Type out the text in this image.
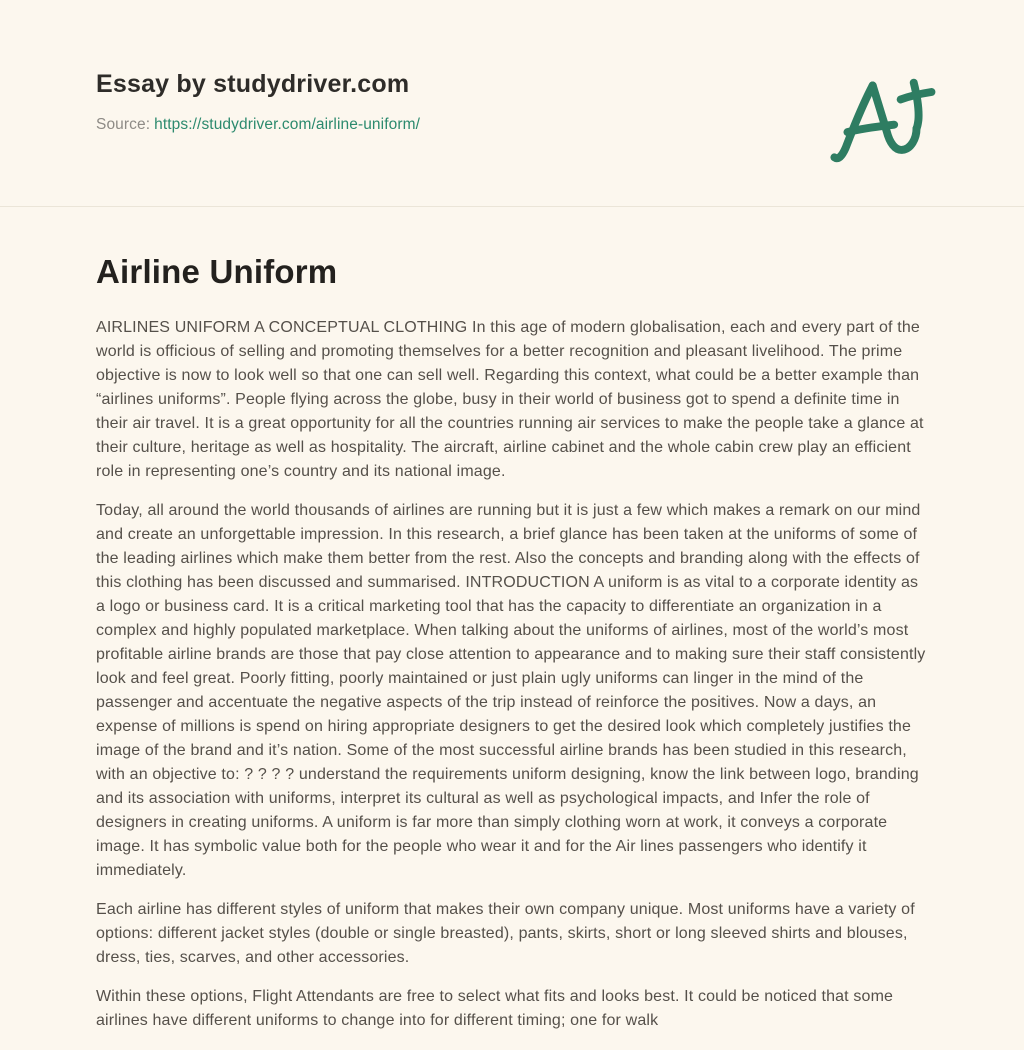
Essay by studydriver.com
Source: https://studydriver.com/airline-uniform/
Airline Uniform

AIRLINES UNIFORM A CONCEPTUAL CLOTHING In this age of modern globalisation, each and every part of the world is officious of selling and promoting themselves for a better recognition and pleasant livelihood. The prime objective is now to look well so that one can sell well. Regarding this context, what could be a better example than “airlines uniforms”. People flying across the globe, busy in their world of business got to spend a definite time in their air travel. It is a great opportunity for all the countries running air services to make the people take a glance at their culture, heritage as well as hospitality. The aircraft, airline cabinet and the whole cabin crew play an efficient role in representing one’s country and its national image.

Today, all around the world thousands of airlines are running but it is just a few which makes a remark on our mind and create an unforgettable impression. In this research, a brief glance has been taken at the uniforms of some of the leading airlines which make them better from the rest. Also the concepts and branding along with the effects of this clothing has been discussed and summarised. INTRODUCTION A uniform is as vital to a corporate identity as a logo or business card. It is a critical marketing tool that has the capacity to differentiate an organization in a complex and highly populated marketplace. When talking about the uniforms of airlines, most of the world’s most profitable airline brands are those that pay close attention to appearance and to making sure their staff consistently look and feel great. Poorly fitting, poorly maintained or just plain ugly uniforms can linger in the mind of the passenger and accentuate the negative aspects of the trip instead of reinforce the positives. Now a days, an expense of millions is spend on hiring appropriate designers to get the desired look which completely justifies the image of the brand and it’s nation. Some of the most successful airline brands has been studied in this research, with an objective to: ? ? ? ? understand the requirements uniform designing, know the link between logo, branding and its association with uniforms, interpret its cultural as well as psychological impacts, and Infer the role of designers in creating uniforms. A uniform is far more than simply clothing worn at work, it conveys a corporate image. It has symbolic value both for the people who wear it and for the Air lines passengers who identify it immediately.

Each airline has different styles of uniform that makes their own company unique. Most uniforms have a variety of options: different jacket styles (double or single breasted), pants, skirts, short or long sleeved shirts and blouses, dress, ties, scarves, and other accessories.

Within these options, Flight Attendants are free to select what fits and looks best. It could be noticed that some airlines have different uniforms to change into for different timing; one for walk
